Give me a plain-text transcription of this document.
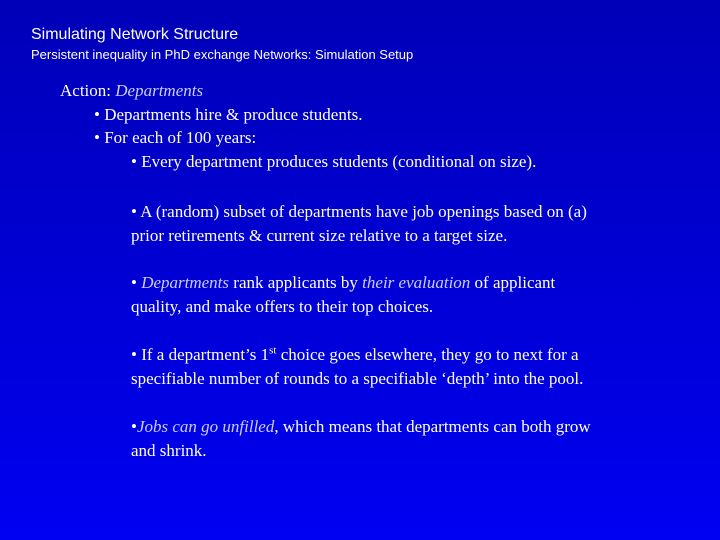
Simulating Network Structure
Persistent inequality in PhD exchange Networks: Simulation Setup
Action: Departments
• Departments hire & produce students.
• For each of 100 years:
• Every department produces students (conditional on size).
• A (random) subset of departments have job openings based on (a)
prior retirements & current size relative to a target size.
• Departments rank applicants by their evaluation of applicant
quality, and make offers to their top choices.
• If a department’s 1st choice goes elsewhere, they go to next for a
specifiable number of rounds to a specifiable ‘depth’ into the pool.
•Jobs can go unfilled, which means that departments can both grow
and shrink.
